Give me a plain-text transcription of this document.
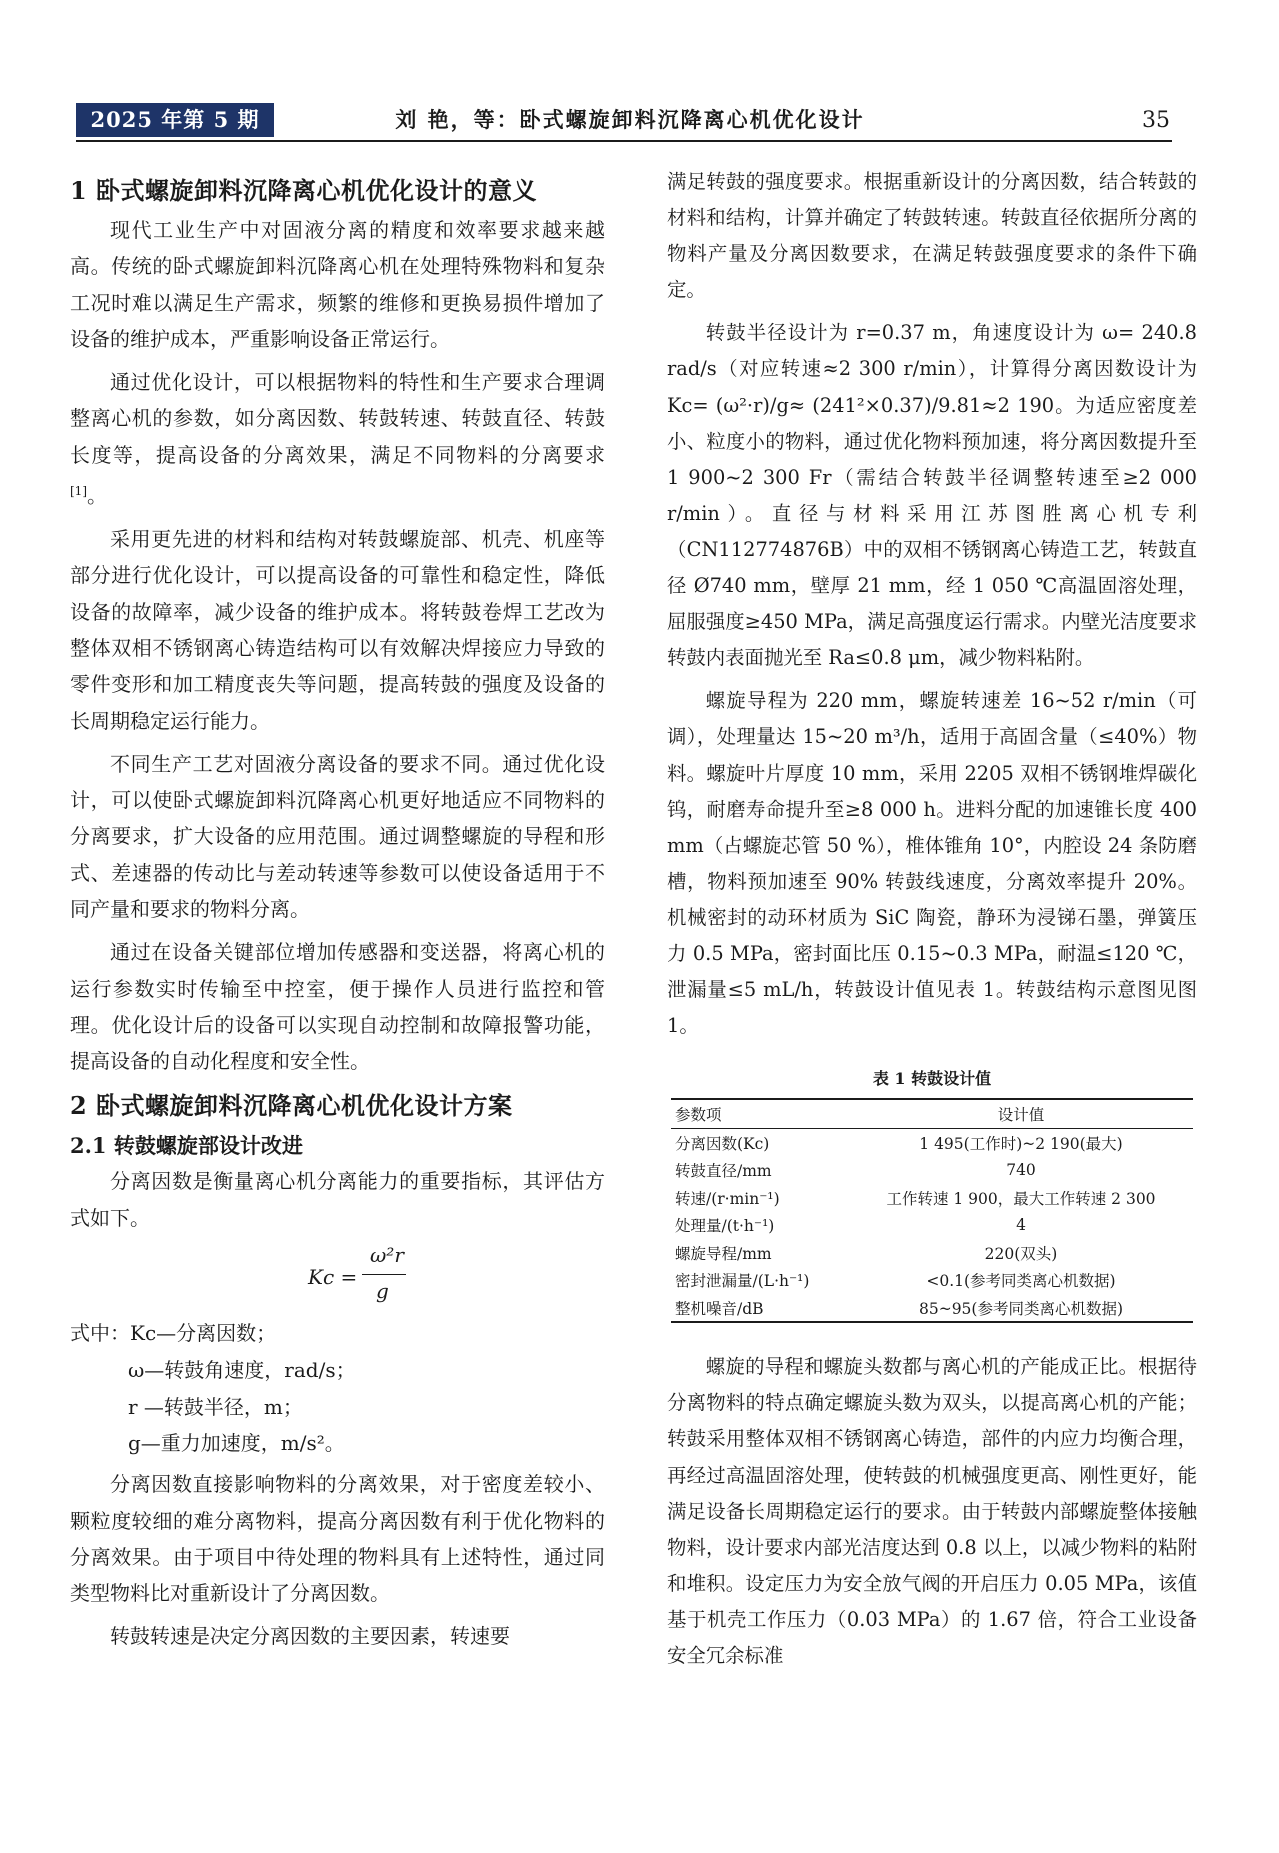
2025 年第 5 期	刘 艳，等：卧式螺旋卸料沉降离心机优化设计	35
1 卧式螺旋卸料沉降离心机优化设计的意义

现代工业生产中对固液分离的精度和效率要求越来越高。传统的卧式螺旋卸料沉降离心机在处理特殊物料和复杂工况时难以满足生产需求，频繁的维修和更换易损件增加了设备的维护成本，严重影响设备正常运行。

通过优化设计，可以根据物料的特性和生产要求合理调整离心机的参数，如分离因数、转鼓转速、转鼓直径、转鼓长度等，提高设备的分离效果，满足不同物料的分离要求[1]。

采用更先进的材料和结构对转鼓螺旋部、机壳、机座等部分进行优化设计，可以提高设备的可靠性和稳定性，降低设备的故障率，减少设备的维护成本。将转鼓卷焊工艺改为整体双相不锈钢离心铸造结构可以有效解决焊接应力导致的零件变形和加工精度丧失等问题，提高转鼓的强度及设备的长周期稳定运行能力。

不同生产工艺对固液分离设备的要求不同。通过优化设计，可以使卧式螺旋卸料沉降离心机更好地适应不同物料的分离要求，扩大设备的应用范围。通过调整螺旋的导程和形式、差速器的传动比与差动转速等参数可以使设备适用于不同产量和要求的物料分离。

通过在设备关键部位增加传感器和变送器，将离心机的运行参数实时传输至中控室，便于操作人员进行监控和管理。优化设计后的设备可以实现自动控制和故障报警功能，提高设备的自动化程度和安全性。

2 卧式螺旋卸料沉降离心机优化设计方案
2.1 转鼓螺旋部设计改进

分离因数是衡量离心机分离能力的重要指标，其评估方式如下。

Kc =
ω²r
g
式中：Kc—分离因数；
ω—转鼓角速度，rad/s；
r —转鼓半径，m；
g—重力加速度，m/s²。

分离因数直接影响物料的分离效果，对于密度差较小、颗粒度较细的难分离物料，提高分离因数有利于优化物料的分离效果。由于项目中待处理的物料具有上述特性，通过同类型物料比对重新设计了分离因数。

转鼓转速是决定分离因数的主要因素，转速要

满足转鼓的强度要求。根据重新设计的分离因数，结合转鼓的材料和结构，计算并确定了转鼓转速。转鼓直径依据所分离的物料产量及分离因数要求，在满足转鼓强度要求的条件下确定。

转鼓半径设计为 r=0.37 m，角速度设计为 ω= 240.8 rad/s（对应转速≈2 300 r/min），计算得分离因数设计为 Kc= (ω²·r)/g≈ (241²×0.37)/9.81≈2 190。为适应密度差小、粒度小的物料，通过优化物料预加速，将分离因数提升至 1 900~2 300 Fr（需结合转鼓半径调整转速至≥2 000 r/min）。直径与材料采用江苏图胜离心机专利（CN112774876B）中的双相不锈钢离心铸造工艺，转鼓直径 Ø740 mm，壁厚 21 mm，经 1 050 ℃高温固溶处理，屈服强度≥450 MPa，满足高强度运行需求。内壁光洁度要求转鼓内表面抛光至 Ra≤0.8 μm，减少物料粘附。

螺旋导程为 220 mm，螺旋转速差 16~52 r/min（可调），处理量达 15~20 m³/h，适用于高固含量（≤40%）物料。螺旋叶片厚度 10 mm，采用 2205 双相不锈钢堆焊碳化钨，耐磨寿命提升至≥8 000 h。进料分配的加速锥长度 400 mm（占螺旋芯管 50 %），椎体锥角 10°，内腔设 24 条防磨槽，物料预加速至 90% 转鼓线速度，分离效率提升 20%。机械密封的动环材质为 SiC 陶瓷，静环为浸锑石墨，弹簧压力 0.5 MPa，密封面比压 0.15~0.3 MPa，耐温≤120 ℃，泄漏量≤5 mL/h，转鼓设计值见表 1。转鼓结构示意图见图 1。

表 1 转鼓设计值
参数项	设计值
分离因数(Kc)	1 495(工作时)~2 190(最大)
转鼓直径/mm	740
转速/(r·min⁻¹)	工作转速 1 900，最大工作转速 2 300
处理量/(t·h⁻¹)	4
螺旋导程/mm	220(双头)
密封泄漏量/(L·h⁻¹)	<0.1(参考同类离心机数据)
整机噪音/dB	85~95(参考同类离心机数据)

螺旋的导程和螺旋头数都与离心机的产能成正比。根据待分离物料的特点确定螺旋头数为双头，以提高离心机的产能；转鼓采用整体双相不锈钢离心铸造，部件的内应力均衡合理，再经过高温固溶处理，使转鼓的机械强度更高、刚性更好，能满足设备长周期稳定运行的要求。由于转鼓内部螺旋整体接触物料，设计要求内部光洁度达到 0.8 以上，以减少物料的粘附和堆积。设定压力为安全放气阀的开启压力 0.05 MPa，该值基于机壳工作压力（0.03 MPa）的 1.67 倍，符合工业设备安全冗余标准
